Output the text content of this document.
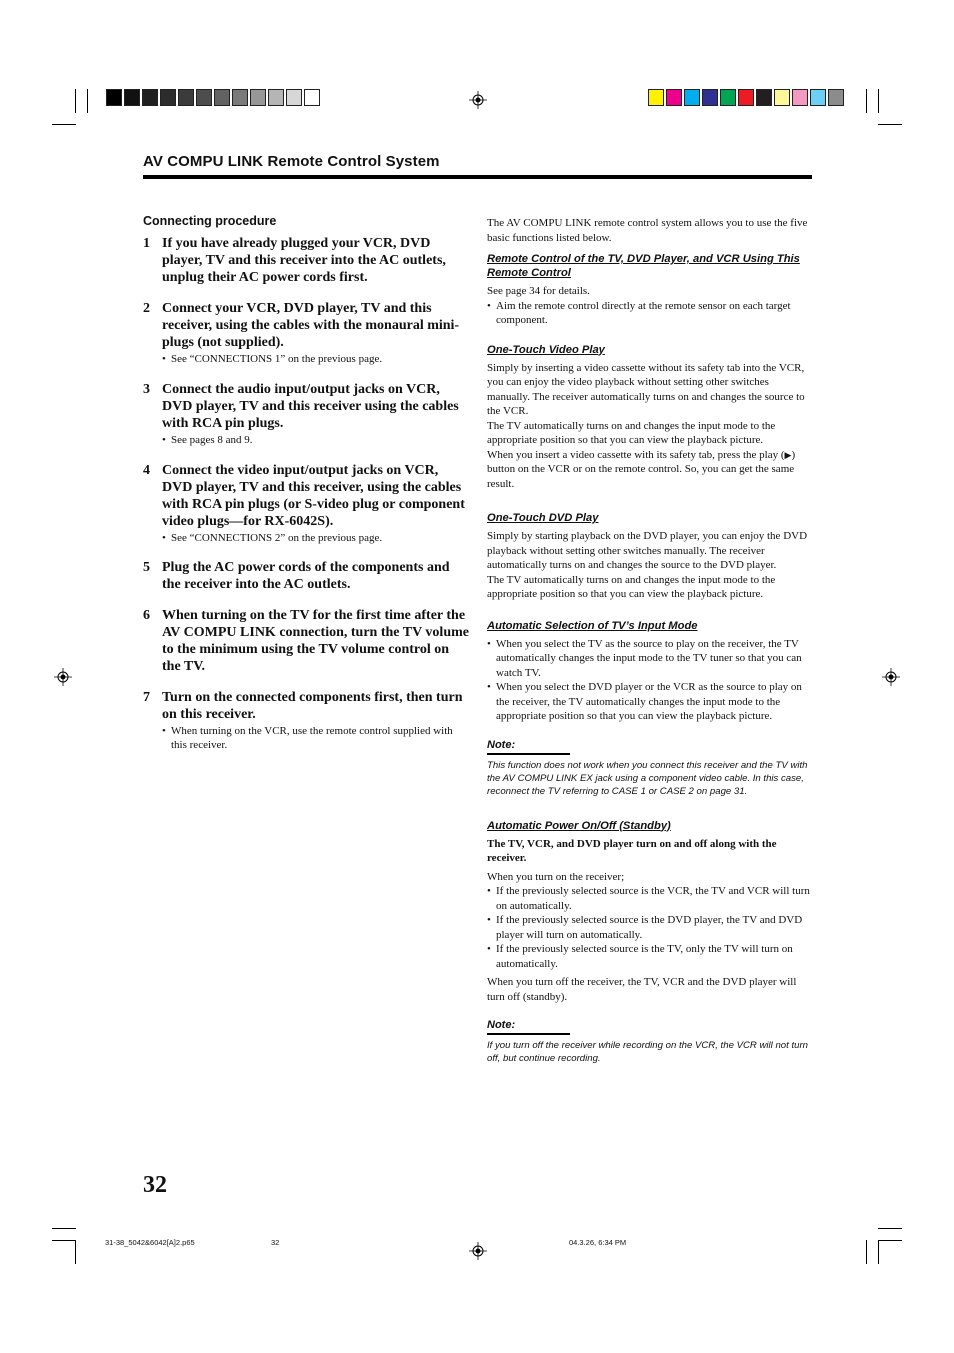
AV COMPU LINK Remote Control System
Connecting procedure
1 If you have already plugged your VCR, DVD player, TV and this receiver into the AC outlets, unplug their AC power cords first.
2 Connect your VCR, DVD player, TV and this receiver, using the cables with the monaural mini-plugs (not supplied).
• See “CONNECTIONS 1” on the previous page.
3 Connect the audio input/output jacks on VCR, DVD player, TV and this receiver using the cables with RCA pin plugs.
• See pages 8 and 9.
4 Connect the video input/output jacks on VCR, DVD player, TV and this receiver, using the cables with RCA pin plugs (or S-video plug or component video plugs—for RX-6042S).
• See “CONNECTIONS 2” on the previous page.
5 Plug the AC power cords of the components and the receiver into the AC outlets.
6 When turning on the TV for the first time after the AV COMPU LINK connection, turn the TV volume to the minimum using the TV volume control on the TV.
7 Turn on the connected components first, then turn on this receiver.
• When turning on the VCR, use the remote control supplied with this receiver.

The AV COMPU LINK remote control system allows you to use the five basic functions listed below.

Remote Control of the TV, DVD Player, and VCR Using This Remote Control

See page 34 for details.

• Aim the remote control directly at the remote sensor on each target component.
One-Touch Video Play

Simply by inserting a video cassette without its safety tab into the VCR, you can enjoy the video playback without setting other switches manually. The receiver automatically turns on and changes the source to the VCR.

The TV automatically turns on and changes the input mode to the appropriate position so that you can view the playback picture.

When you insert a video cassette with its safety tab, press the play (▶) button on the VCR or on the remote control. So, you can get the same result.

One-Touch DVD Play

Simply by starting playback on the DVD player, you can enjoy the DVD playback without setting other switches manually. The receiver automatically turns on and changes the source to the DVD player.

The TV automatically turns on and changes the input mode to the appropriate position so that you can view the playback picture.

Automatic Selection of TV’s Input Mode
• When you select the TV as the source to play on the receiver, the TV automatically changes the input mode to the TV tuner so that you can watch TV.
• When you select the DVD player or the VCR as the source to play on the receiver, the TV automatically changes the input mode to the appropriate position so that you can view the playback picture.
Note:
This function does not work when you connect this receiver and the TV with the AV COMPU LINK EX jack using a component video cable. In this case, reconnect the TV referring to CASE 1 or CASE 2 on page 31.
Automatic Power On/Off (Standby)

The TV, VCR, and DVD player turn on and off along with the receiver.

When you turn on the receiver;

• If the previously selected source is the VCR, the TV and VCR will turn on automatically.
• If the previously selected source is the DVD player, the TV and DVD player will turn on automatically.
• If the previously selected source is the TV, only the TV will turn on automatically.

When you turn off the receiver, the TV, VCR and the DVD player will turn off (standby).

Note:
If you turn off the receiver while recording on the VCR, the VCR will not turn off, but continue recording.
32
31-38_5042&6042[A]2.p65	32	04.3.26, 6:34 PM
